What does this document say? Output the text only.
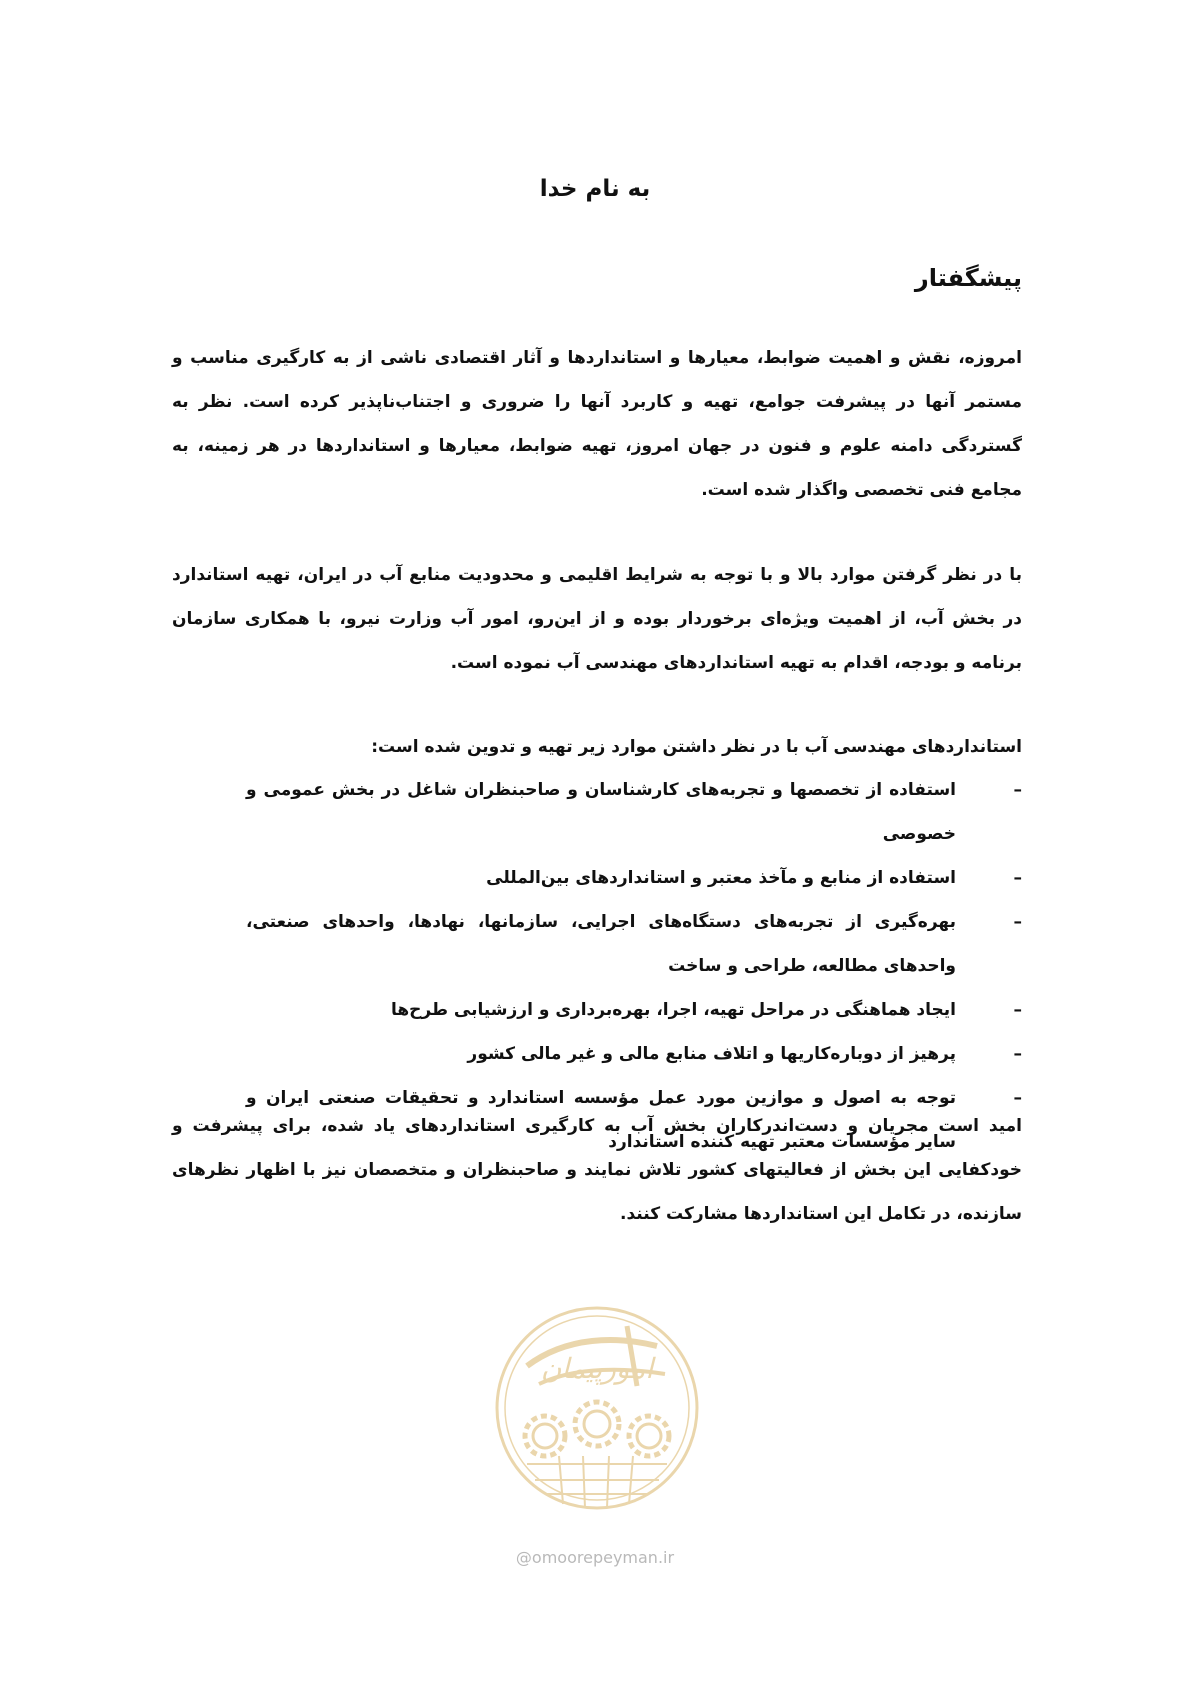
به نام خدا
پیشگفتار
امروزه، نقش و اهمیت ضوابط، معیارها و استانداردها و آثار اقتصادی ناشی از به کارگیری مناسب و مستمر آنها در پیشرفت جوامع، تهیه و کاربرد آنها را ضروری و اجتناب‌ناپذیر کرده است. نظر به گستردگی دامنه علوم و فنون در جهان امروز، تهیه ضوابط، معیارها و استانداردها در هر زمینه، به مجامع فنی تخصصی واگذار شده است.
با در نظر گرفتن موارد بالا و با توجه به شرایط اقلیمی و محدودیت منابع آب در ایران، تهیه استاندارد در بخش آب، از اهمیت ویژه‌ای برخوردار بوده و از این‌رو، امور آب وزارت نیرو، با همکاری سازمان برنامه و بودجه، اقدام به تهیه استانداردهای مهندسی آب نموده است.
استانداردهای مهندسی آب با در نظر داشتن موارد زیر تهیه و تدوین شده است:
–
استفاده از تخصصها و تجربه‌های کارشناسان و صاحبنظران شاغل در بخش عمومی و خصوصی
–
استفاده از منابع و مآخذ معتبر و استانداردهای بین‌المللی
–
بهره‌گیری از تجربه‌های دستگاه‌های اجرایی، سازمانها، نهادها، واحدهای صنعتی، واحدهای مطالعه، طراحی و ساخت
–
ایجاد هماهنگی در مراحل تهیه، اجرا، بهره‌برداری و ارزشیابی طرح‌ها
–
پرهیز از دوباره‌کاریها و اتلاف منابع مالی و غیر مالی کشور
–
توجه به اصول و موازین مورد عمل مؤسسه استاندارد و تحقیقات صنعتی ایران و سایر مؤسسات معتبر تهیه کننده استاندارد
امید است مجریان و دست‌اندرکاران بخش آب به کارگیری استانداردهای یاد شده، برای پیشرفت و خودکفایی این بخش از فعالیتهای کشور تلاش نمایند و صاحبنظران و متخصصان نیز با اظهار نظرهای سازنده، در تکامل این استانداردها مشارکت کنند.
امورپیمان
@omoorepeyman.ir
